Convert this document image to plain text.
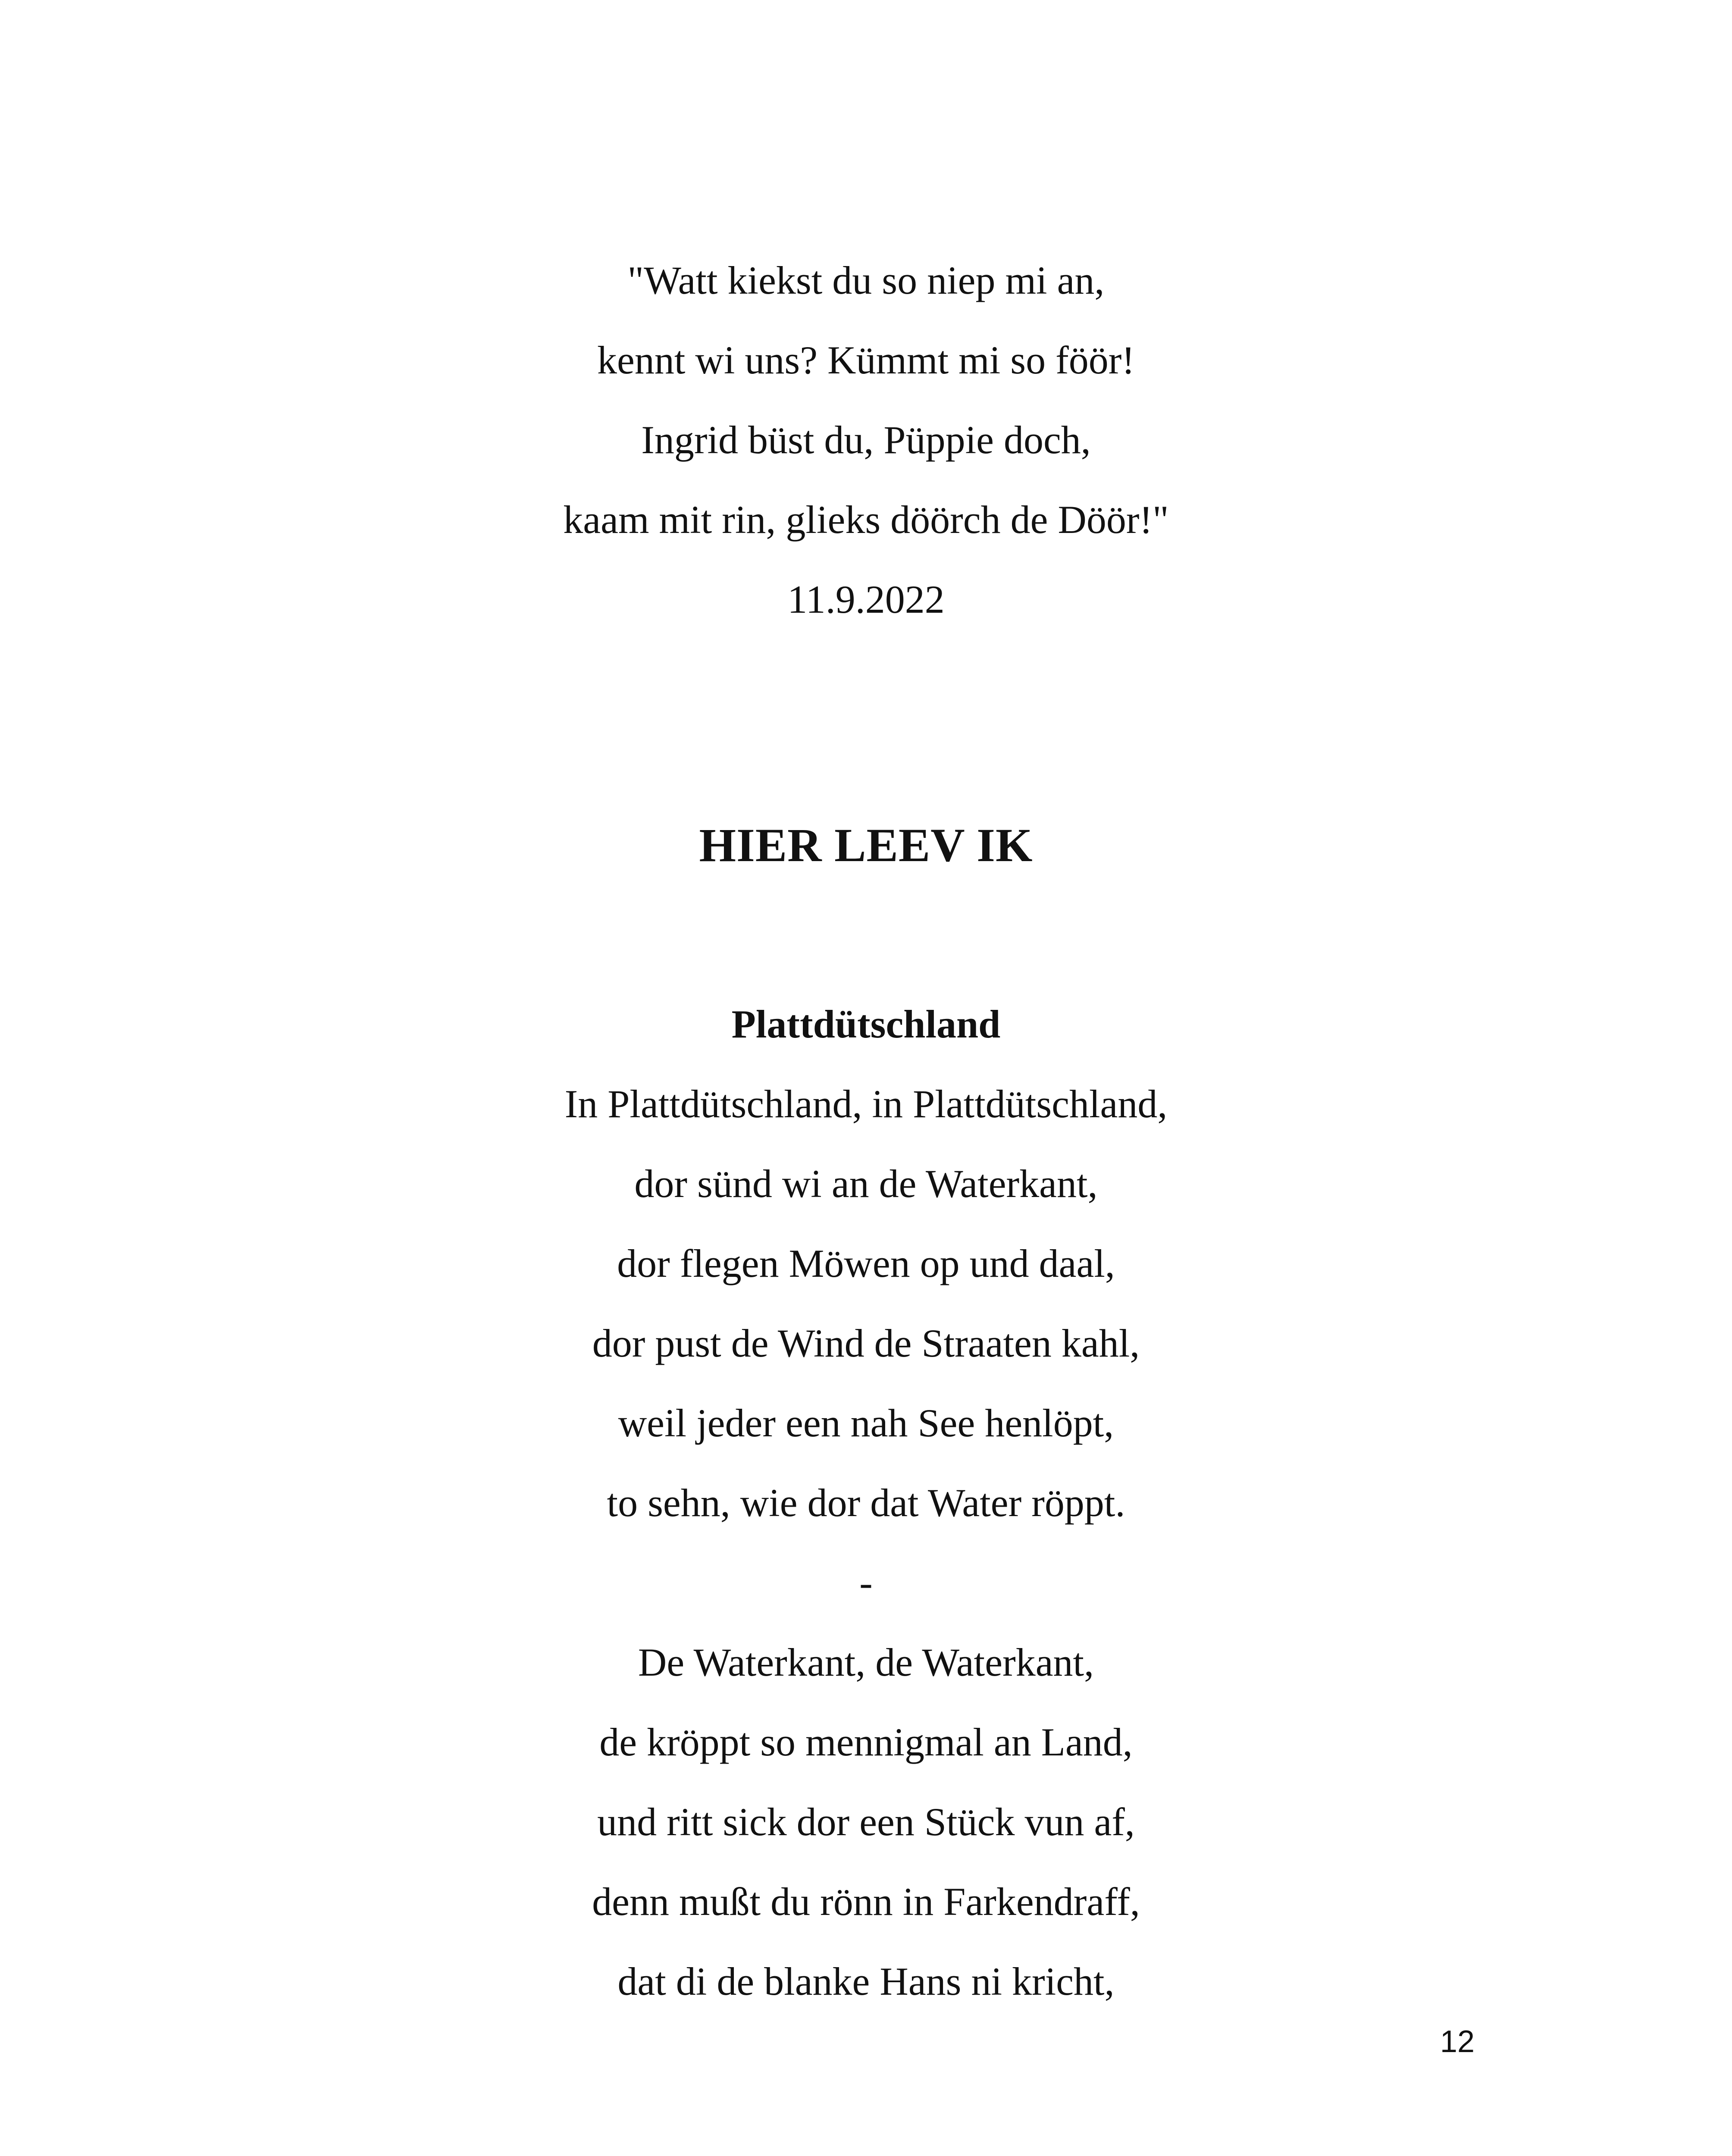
"Watt kiekst du so niep mi an,
kennt wi uns? Kümmt mi so föör!
Ingrid büst du, Püppie doch,
kaam mit rin, glieks döörch de Döör!"
11.9.2022
HIER LEEV IK
Plattdütschland
In Plattdütschland, in Plattdütschland,
dor sünd wi an de Waterkant,
dor flegen Möwen op und daal,
dor pust de Wind de Straaten kahl,
weil jeder een nah See henlöpt,
to sehn, wie dor dat Water röppt.
-
De Waterkant, de Waterkant,
de kröppt so mennigmal an Land,
und ritt sick dor een Stück vun af,
denn mußt du rönn in Farkendraff,
dat di de blanke Hans ni kricht,
12
